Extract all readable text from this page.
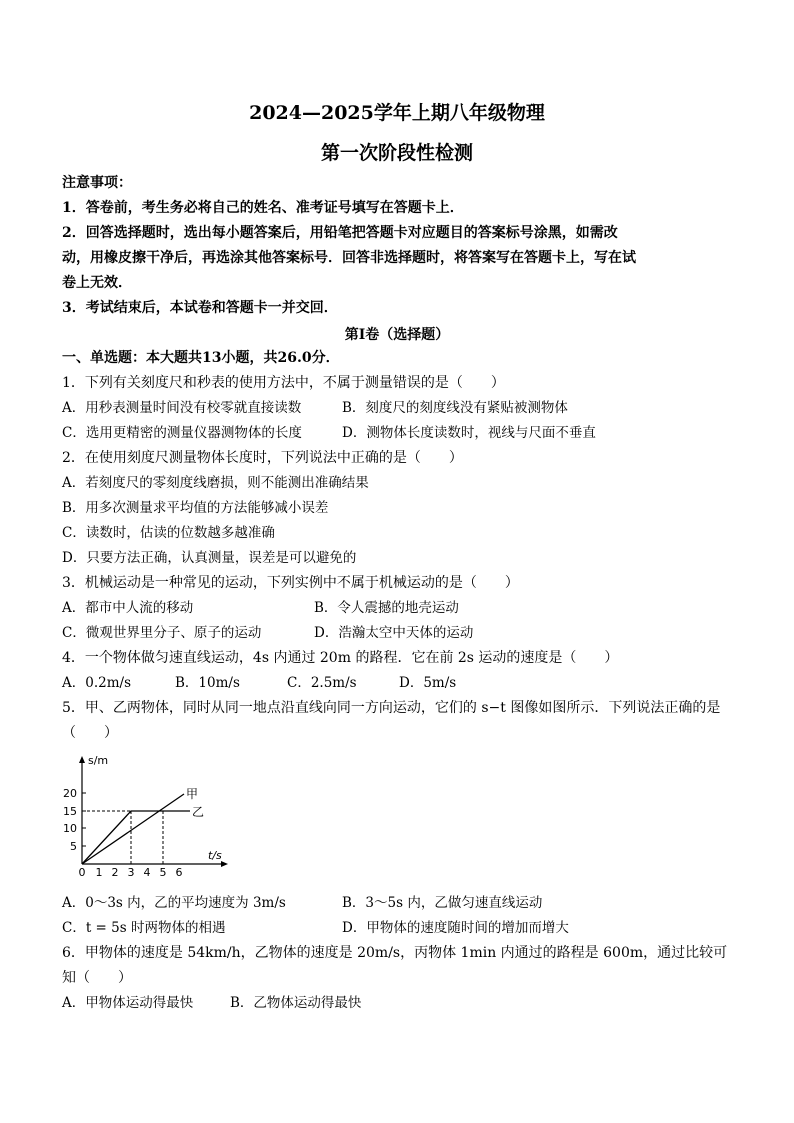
2024—2025学年上期八年级物理
第一次阶段性检测
注意事项：
1．答卷前，考生务必将自己的姓名、准考证号填写在答题卡上．
2．回答选择题时，选出每小题答案后，用铅笔把答题卡对应题目的答案标号涂黑，如需改
动，用橡皮擦干净后，再选涂其他答案标号．回答非选择题时，将答案写在答题卡上，写在试
卷上无效．
3．考试结束后，本试卷和答题卡一并交回．
第Ⅰ卷（选择题）
一、单选题：本大题共13小题，共26.0分．
1．下列有关刻度尺和秒表的使用方法中，不属于测量错误的是（　　）
A．用秒表测量时间没有校零就直接读数	B．刻度尺的刻度线没有紧贴被测物体
C．选用更精密的测量仪器测物体的长度	D．测物体长度读数时，视线与尺面不垂直
2．在使用刻度尺测量物体长度时，下列说法中正确的是（　　）
A．若刻度尺的零刻度线磨损，则不能测出准确结果
B．用多次测量求平均值的方法能够减小误差
C．读数时，估读的位数越多越准确
D．只要方法正确，认真测量，误差是可以避免的
3．机械运动是一种常见的运动，下列实例中不属于机械运动的是（　　）
A．都市中人流的移动	B．令人震撼的地壳运动
C．微观世界里分子、原子的运动	D．浩瀚太空中天体的运动
4．一个物体做匀速直线运动，4s 内通过 20m 的路程．它在前 2s 运动的速度是（　　）
A．0.2m/s	B．10m/s	C．2.5m/s	D．5m/s
5．甲、乙两物体，同时从同一地点沿直线向同一方向运动，它们的 s−t 图像如图所示．下列说法正确的是
（　　）
s/m
t/s
5
10
15
20
0 1 2 3 4 5 6
甲
乙
A．0～3s 内，乙的平均速度为 3m/s	B．3～5s 内，乙做匀速直线运动
C．t = 5s 时两物体的相遇	D．甲物体的速度随时间的增加而增大
6．甲物体的速度是 54km/h，乙物体的速度是 20m/s，丙物体 1min 内通过的路程是 600m，通过比较可
知（　　）
A．甲物体运动得最快	B．乙物体运动得最快
